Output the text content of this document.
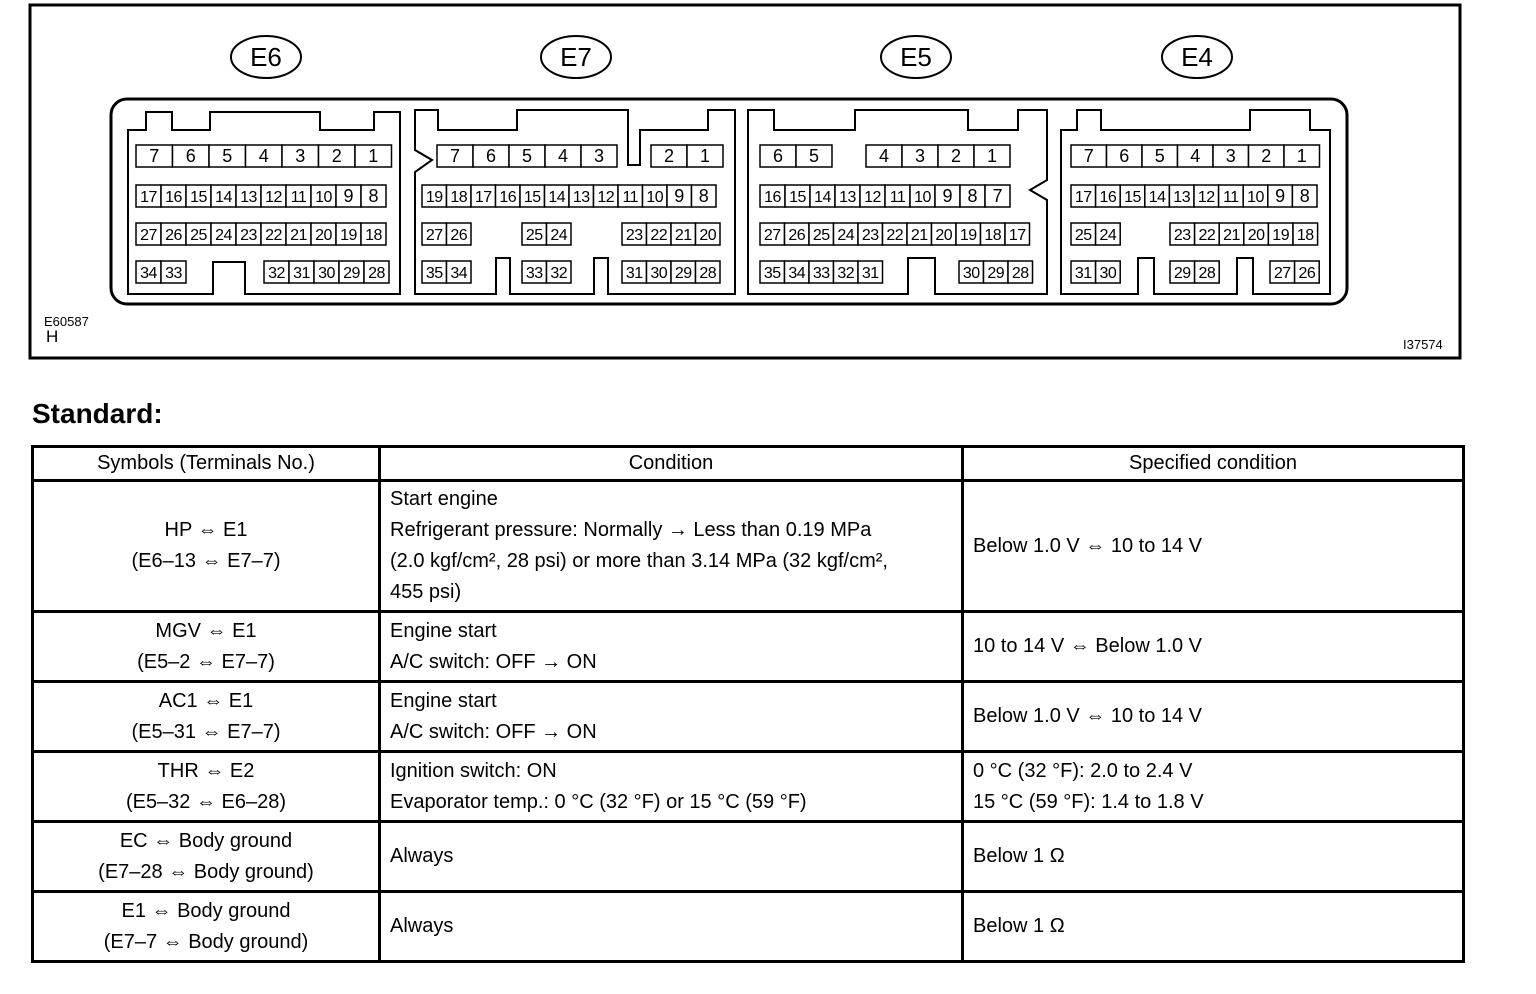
E6	E7	E5	E4
7 6 5 4 3 2 1
17 16 15 14 13 12 11 10 9 8
27 26 25 24 23 22 21 20 19 18
34 33	32 31 30 29 28
7 6 5 4 3	2 1
19 18 17 16 15 14 13 12 11 10 9 8
27 26	25 24	23 22 21 20
35 34	33 32	31 30 29 28
6 5	4 3 2 1
16 15 14 13 12 11 10 9 8 7
27 26 25 24 23 22 21 20 19 18 17
35 34 33 32 31	30 29 28
7 6 5 4 3 2 1
17 16 15 14 13 12 11 10 9 8
25 24	23 22 21 20 19 18
31 30	29 28	27 26
E60587
H	I37574
Standard:
Symbols (Terminals No.)	Condition	Specified condition

HP ⇔ E1
(E6–13 ⇔ E7–7)	Start engine
Refrigerant pressure: Normally → Less than 0.19 MPa
(2.0 kgf/cm², 28 psi) or more than 3.14 MPa (32 kgf/cm²,
455 psi)	Below 1.0 V ⇔ 10 to 14 V

MGV ⇔ E1
(E5–2 ⇔ E7–7)	Engine start
A/C switch: OFF → ON	10 to 14 V ⇔ Below 1.0 V

AC1 ⇔ E1
(E5–31 ⇔ E7–7)	Engine start
A/C switch: OFF → ON	Below 1.0 V ⇔ 10 to 14 V

THR ⇔ E2
(E5–32 ⇔ E6–28)	Ignition switch: ON
Evaporator temp.: 0 °C (32 °F) or 15 °C (59 °F)	0 °C (32 °F): 2.0 to 2.4 V
15 °C (59 °F): 1.4 to 1.8 V

EC ⇔ Body ground
(E7–28 ⇔ Body ground)	Always	Below 1 Ω

E1 ⇔ Body ground
(E7–7 ⇔ Body ground)	Always	Below 1 Ω
